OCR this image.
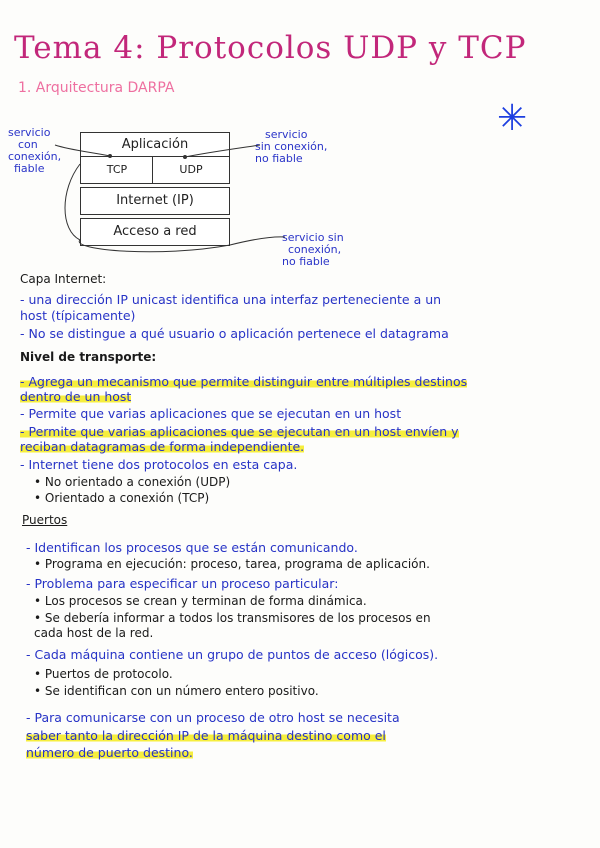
Tema 4: Protocolos UDP y TCP
1. Arquitectura DARPA
✳
Aplicación
TCP	UDP
Internet (IP)
Acceso a red
servicio
con
conexión,
fiable
servicio
sin conexión,
no fiable
servicio sin
conexión,
no fiable
Capa Internet:
- una dirección IP unicast identifica una interfaz perteneciente a un
host (típicamente)
- No se distingue a qué usuario o aplicación pertenece el datagrama
Nivel de transporte:
- Agrega un mecanismo que permite distinguir entre múltiples destinos
dentro de un host
- Permite que varias aplicaciones que se ejecutan en un host
- Permite que varias aplicaciones que se ejecutan en un host envíen y
reciban datagramas de forma independiente.
- Internet tiene dos protocolos en esta capa.
• No orientado a conexión (UDP)
• Orientado a conexión (TCP)
Puertos
- Identifican los procesos que se están comunicando.
• Programa en ejecución: proceso, tarea, programa de aplicación.
- Problema para especificar un proceso particular:
• Los procesos se crean y terminan de forma dinámica.
• Se debería informar a todos los transmisores de los procesos en
cada host de la red.
- Cada máquina contiene un grupo de puntos de acceso (lógicos).
• Puertos de protocolo.
• Se identifican con un número entero positivo.
- Para comunicarse con un proceso de otro host se necesita
saber tanto la dirección IP de la máquina destino como el
número de puerto destino.
